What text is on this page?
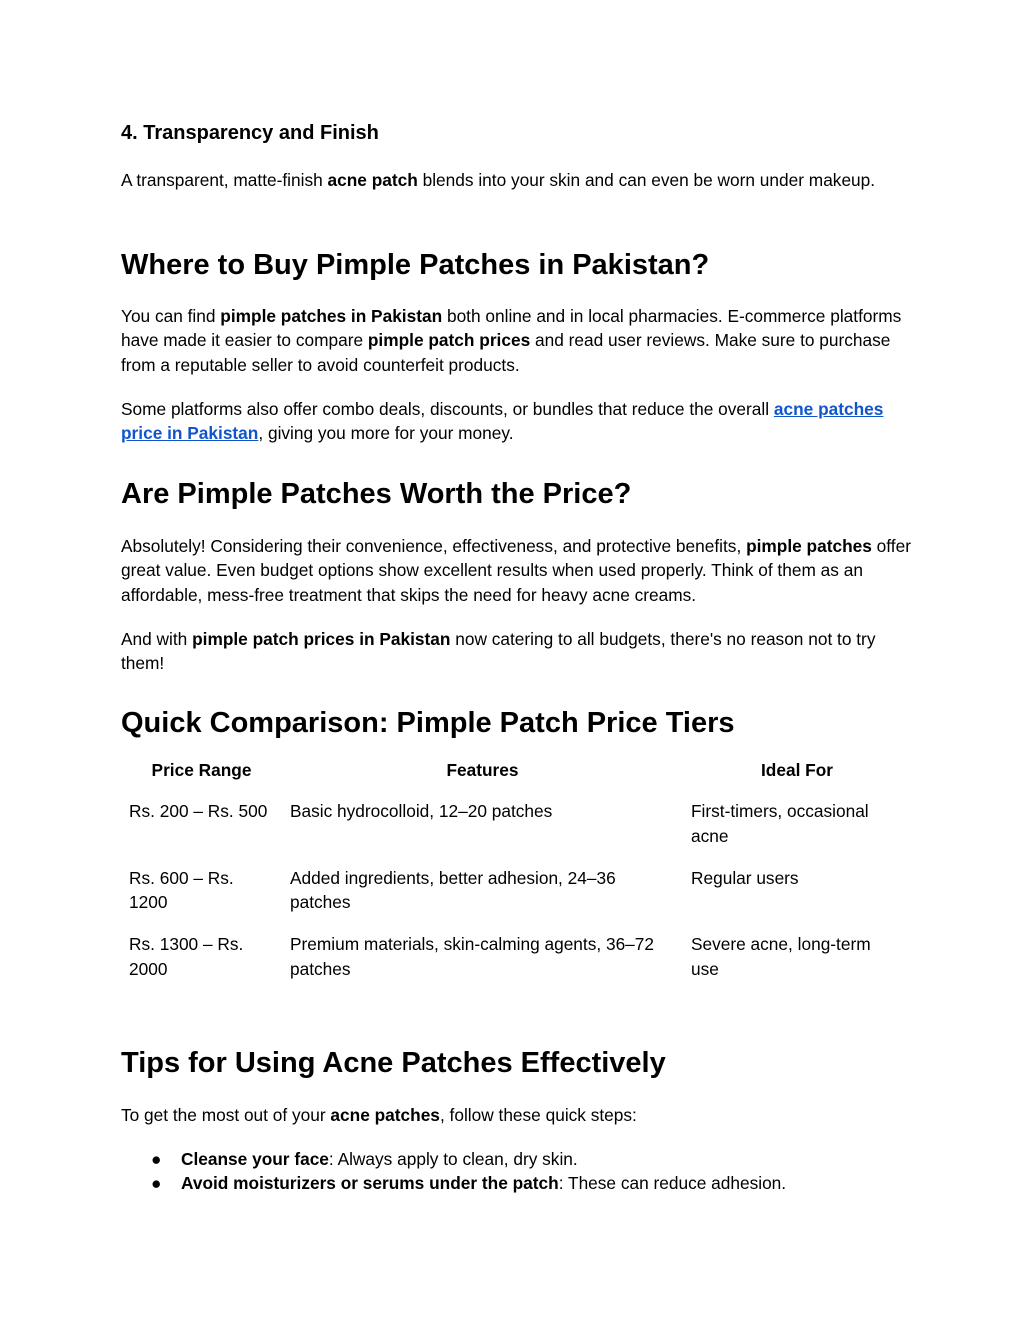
4. Transparency and Finish

A transparent, matte-finish acne patch blends into your skin and can even be worn under makeup.

Where to Buy Pimple Patches in Pakistan?

You can find pimple patches in Pakistan both online and in local pharmacies. E-commerce platforms have made it easier to compare pimple patch prices and read user reviews. Make sure to purchase from a reputable seller to avoid counterfeit products.

Some platforms also offer combo deals, discounts, or bundles that reduce the overall acne patches price in Pakistan, giving you more for your money.

Are Pimple Patches Worth the Price?

Absolutely! Considering their convenience, effectiveness, and protective benefits, pimple patches offer great value. Even budget options show excellent results when used properly. Think of them as an affordable, mess-free treatment that skips the need for heavy acne creams.

And with pimple patch prices in Pakistan now catering to all budgets, there's no reason not to try them!

Quick Comparison: Pimple Patch Price Tiers
Price Range	Features	Ideal For
Rs. 200 – Rs. 500	Basic hydrocolloid, 12–20 patches	First-timers, occasional acne
Rs. 600 – Rs. 1200	Added ingredients, better adhesion, 24–36 patches	Regular users
Rs. 1300 – Rs. 2000	Premium materials, skin-calming agents, 36–72 patches	Severe acne, long-term use
Tips for Using Acne Patches Effectively

To get the most out of your acne patches, follow these quick steps:

● Cleanse your face: Always apply to clean, dry skin.
● Avoid moisturizers or serums under the patch: These can reduce adhesion.
